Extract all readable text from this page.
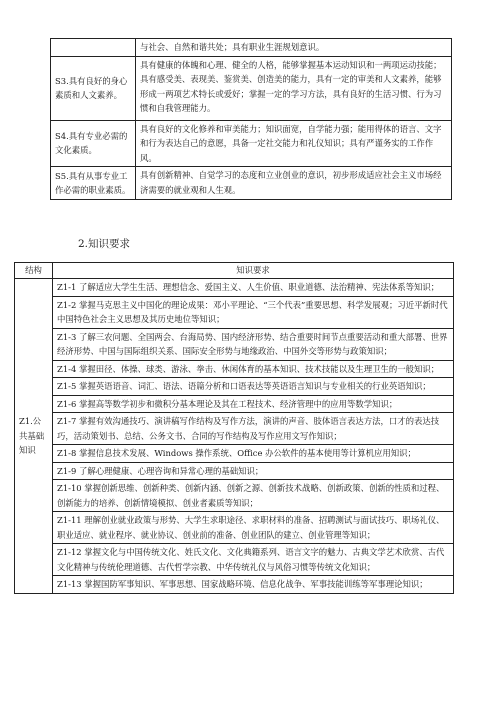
	与社会、自然和谐共处；具有职业生涯规划意识。
S3.具有良好的身心素质和人文素养。	具有健康的体魄和心理、健全的人格，能够掌握基本运动知识和一两项运动技能；具有感受美、表现美、鉴赏美、创造美的能力，具有一定的审美和人文素养，能够形成一两项艺术特长或爱好；掌握一定的学习方法，具有良好的生活习惯、行为习惯和自我管理能力。
S4.具有专业必需的文化素质。	具有良好的文化修养和审美能力；知识面宽，自学能力强；能用得体的语言、文字和行为表达自己的意愿，具备一定社交能力和礼仪知识；具有严谨务实的工作作风。
S5.具有从事专业工作必需的职业素质。	具有创新精神、自觉学习的态度和立业创业的意识，初步形成适应社会主义市场经济需要的就业观和人生观。

2.知识要求

结构	知识要求
Z1.公共基础知识	Z1-1 了解适应大学生生活、理想信念、爱国主义、人生价值、职业道德、法治精神、宪法体系等知识；
	Z1-2 掌握马克思主义中国化的理论成果：邓小平理论、“三个代表”重要思想、科学发展观；习近平新时代中国特色社会主义思想及其历史地位等知识；
	Z1-3 了解三农问题、全国两会、台海局势、国内经济形势、结合重要时间节点重要活动和重大部署、世界经济形势、中国与国际组织关系、国际安全形势与地缘政治、中国外交等形势与政策知识；
	Z1-4 掌握田径、体操、球类、游泳、拳击、休闲体育的基本知识、技术技能以及生理卫生的一般知识；
	Z1-5 掌握英语语音、词汇、语法、语篇分析和口语表达等英语语言知识与专业相关的行业英语知识；
	Z1-6 掌握高等数学初步和微积分基本理论及其在工程技术、经济管理中的应用等数学知识；
	Z1-7 掌握有效沟通技巧、演讲稿写作结构及写作方法，演讲的声音、肢体语言表达方法，口才的表达技巧，活动策划书、总结、公务文书、合同的写作结构及写作应用文写作知识；
	Z1-8 掌握信息技术发展、Windows 操作系统、Office 办公软件的基本使用等计算机应用知识；
	Z1-9 了解心理健康、心理咨询和异常心理的基础知识；
	Z1-10 掌握创新思维、创新种类、创新内涵、创新之源、创新技术战略、创新政策、创新的性质和过程、创新能力的培养、创新情境模拟、创业者素质等知识；
	Z1-11 理解创业就业政策与形势、大学生求职途径、求职材料的准备、招聘测试与面试技巧、职场礼仪、职业适应、就业程序、就业协议、创业前的准备、创业团队的建立、创业管理等知识；
	Z1-12 掌握文化与中国传统文化、姓氏文化、文化典籍系列、语言文字的魅力、古典文学艺术欣赏、古代文化精神与传统伦理道德、古代哲学宗教、中华传统礼仪与风俗习惯等传统文化知识；
	Z1-13 掌握国防军事知识、军事思想、国家战略环境、信息化战争、军事技能训练等军事理论知识；
